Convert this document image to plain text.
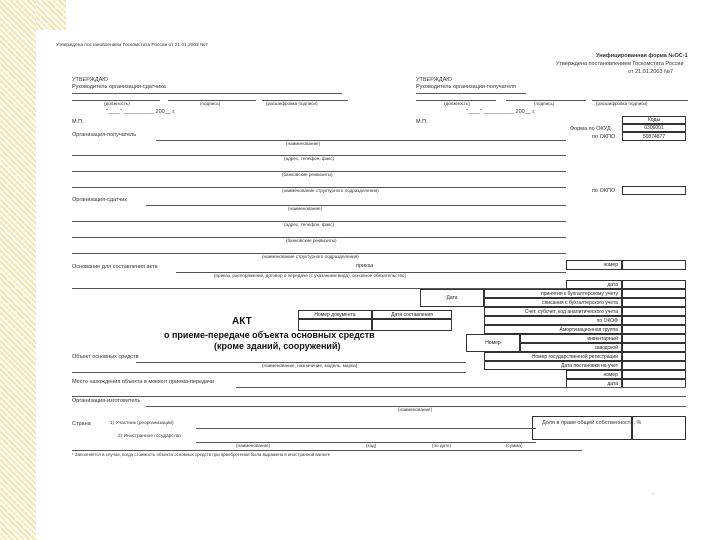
Утверждена постановлением Госкомстата России от 21.01.2003 №7
Унифицированная форма №ОС-1
Утверждена постановлением Госкомстата России
от 21.01.2003 №7
УТВЕРЖДАЮ
Руководитель организации-сдатчика
(должность)	(подпись)	(расшифровка подписи)
“____” __________ 200__ г.
М.П.
УТВЕРЖДАЮ
Руководитель организации-получателя
(должность)	(подпись)	(расшифровка подписи)
“____” __________ 200__ г.
М.П.	Коды
Форма по ОКУД	0306001
по ОКПО	50874877
Организация-получатель
(наименование)
(адрес, телефон, факс)
(банковские реквизиты)
(наименование структурного подразделения)	по ОКПО
Организация-сдатчик
(наименование)
(адрес, телефон, факс)
(банковские реквизиты)
(наименование структурного подразделения)
Основание для составления акта	приказ
(приказ, распоряжение, договор о передаче (с указанием вида), основное обязательство)
номер
дата
Дата
принятия к бухгалтерскому учету
списания с бухгалтерского учета
Счет, субсчет, код аналитического учета
по ОКОФ
Амортизационная группа
Номер
инвентарный
заводской
Номер государственной регистрации
Дата постановки на учет
номер
дата
Номер документа	Дата составления
АКТ
о приеме-передаче объекта основных средств
(кроме зданий, сооружений)
Объект основных средств
(наименование, назначение, модель, марка)
Место нахождения объекта в момент приема-передачи
Организация-изготовитель
(наименование)
Страна	1) Участник (реорганизации)
2) Иностранное государство
(наименование)	(код)	(по дате)	(сумма)
Доля в праве общей собственности, %
* Заполняется в случае, когда стоимость объекта основных средств при приобретении была выражена в иностранной валюте
.
